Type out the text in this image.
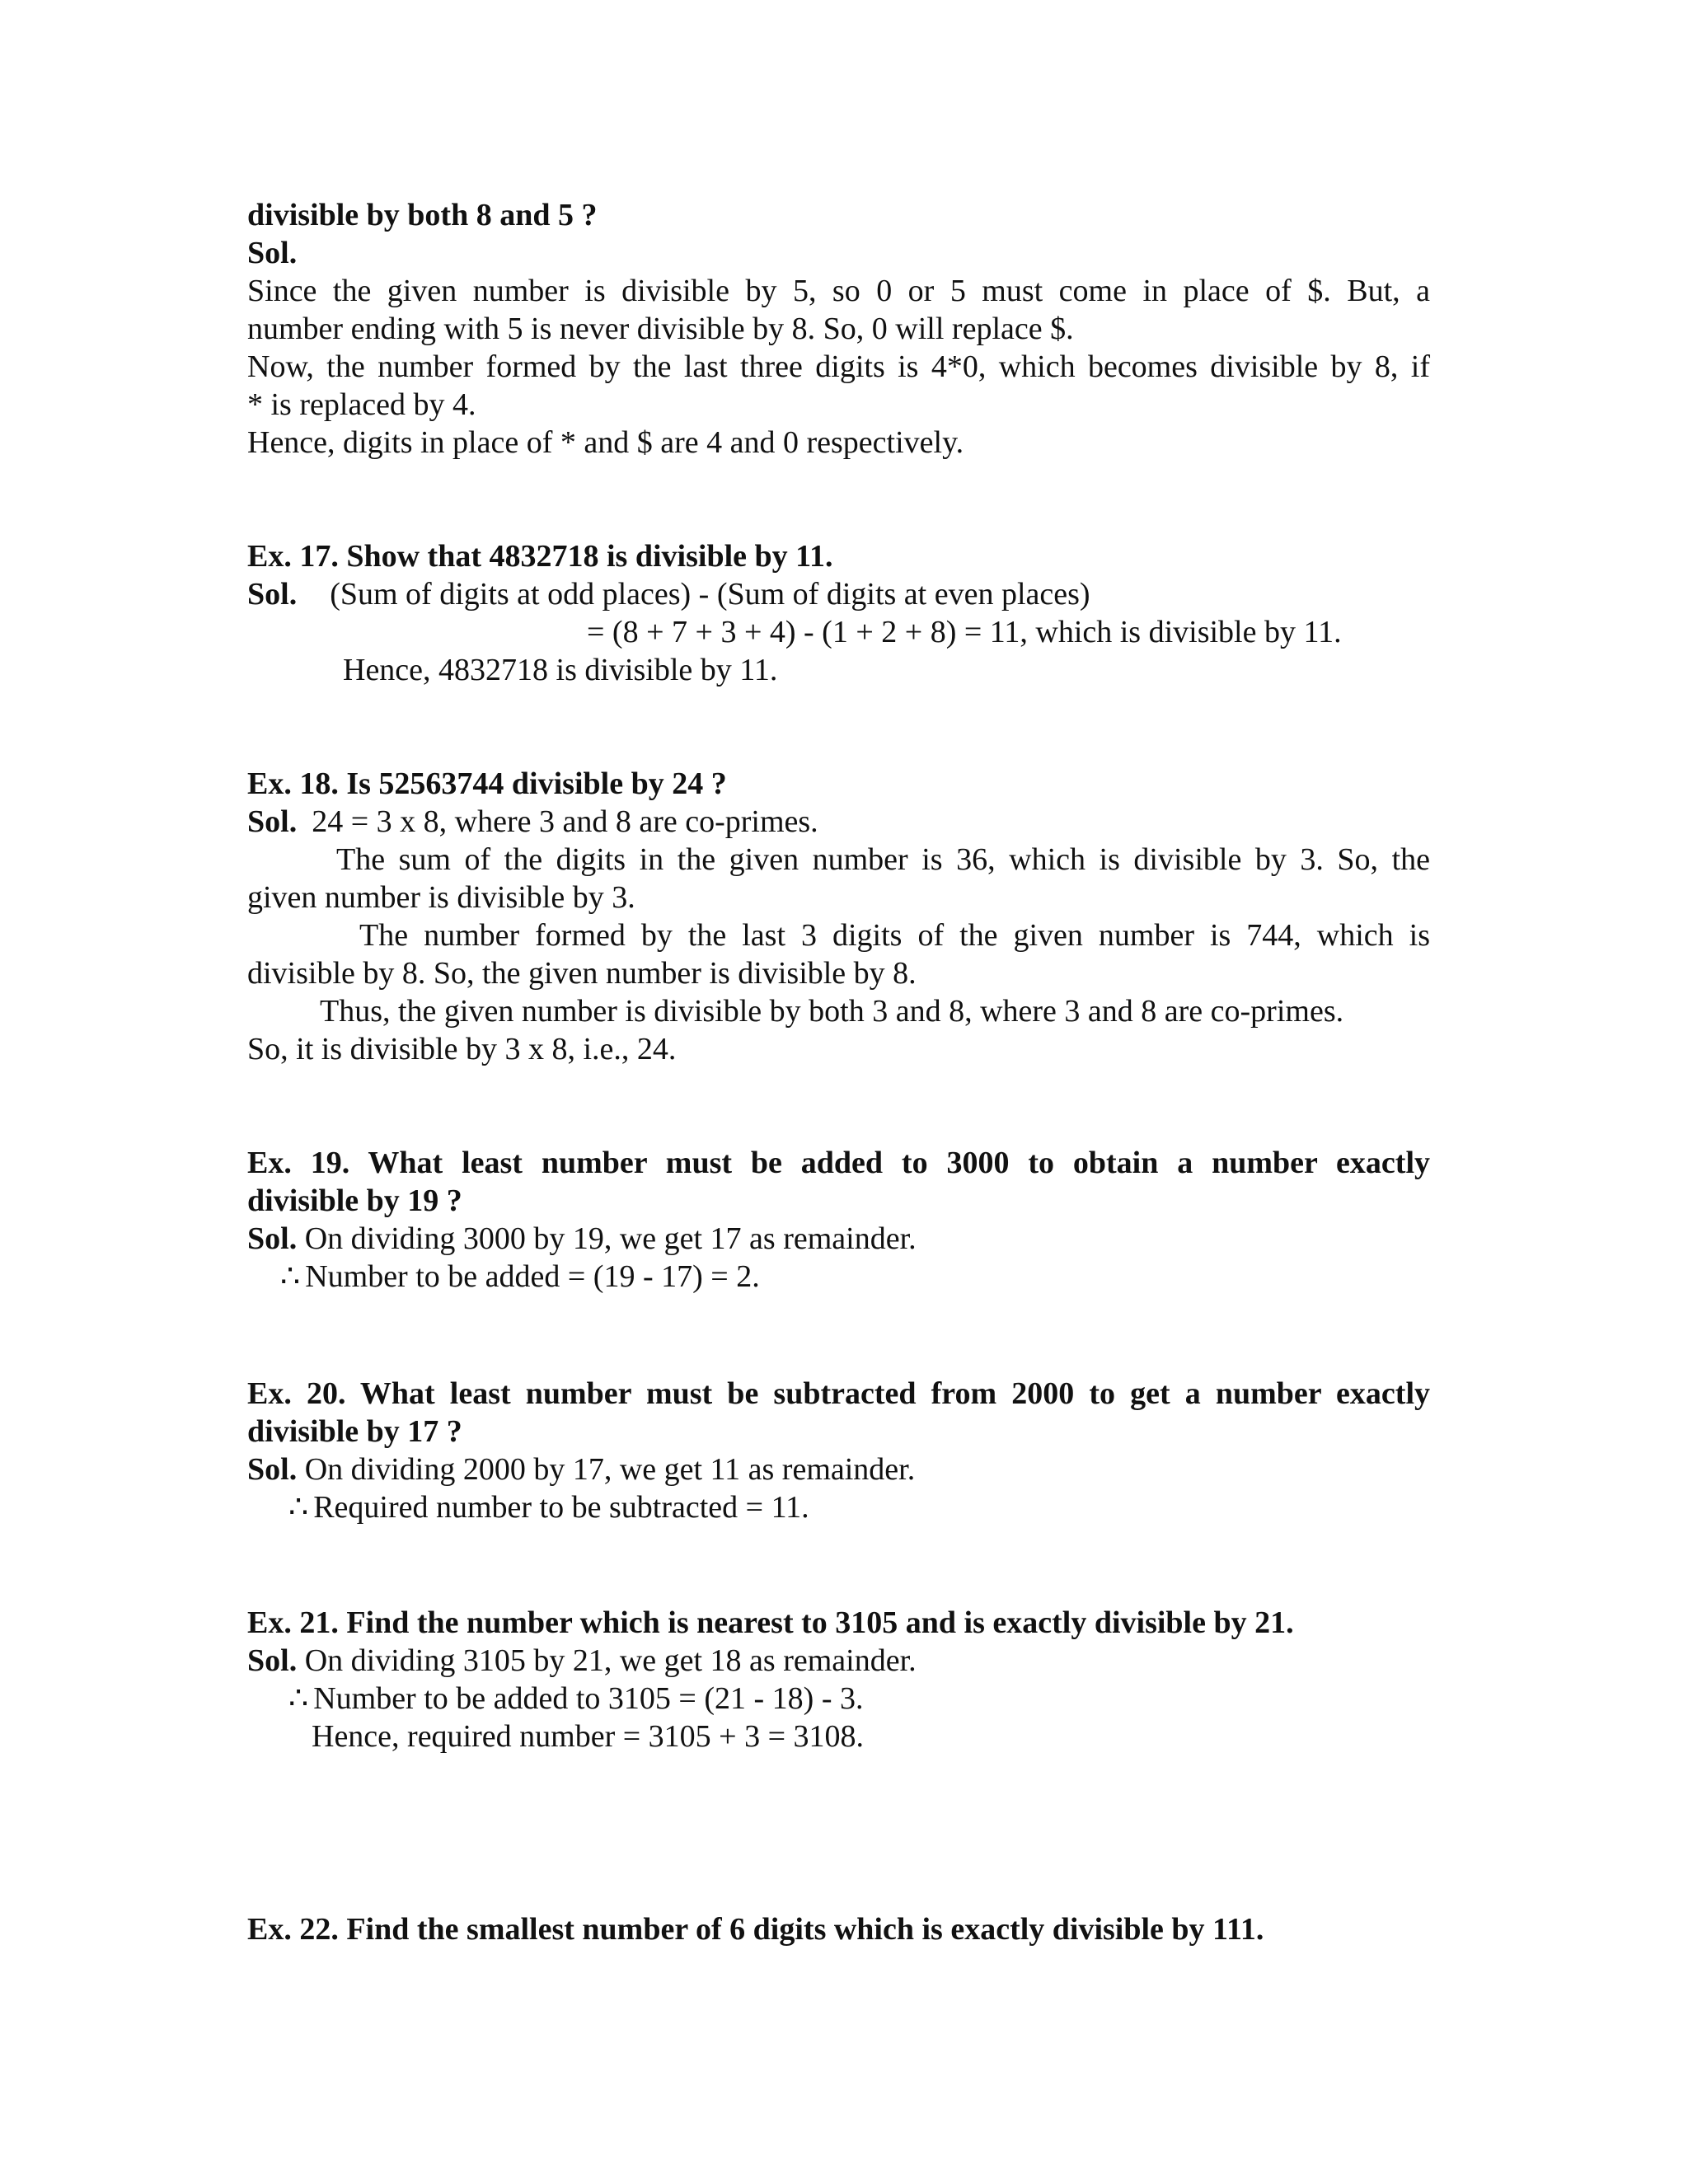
divisible by both 8 and 5 ?

Sol.

Since the given number is divisible by 5, so 0 or 5 must come in place of $. But, a

number ending with 5 is never divisible by 8. So, 0 will replace $.

Now, the number formed by the last three digits is 4*0, which becomes divisible by 8, if

* is replaced by 4.

Hence, digits in place of * and $ are 4 and 0 respectively.

Ex. 17. Show that 4832718 is divisible by 11.

Sol. (Sum of digits at odd places) - (Sum of digits at even places)

= (8 + 7 + 3 + 4) - (1 + 2 + 8) = 11, which is divisible by 11.

Hence, 4832718 is divisible by 11.

Ex. 18. Is 52563744 divisible by 24 ?

Sol. 24 = 3 x 8, where 3 and 8 are co-primes.

The sum of the digits in the given number is 36, which is divisible by 3. So, the

given number is divisible by 3.

The number formed by the last 3 digits of the given number is 744, which is

divisible by 8. So, the given number is divisible by 8.

Thus, the given number is divisible by both 3 and 8, where 3 and 8 are co-primes.

So, it is divisible by 3 x 8, i.e., 24.

Ex. 19. What least number must be added to 3000 to obtain a number exactly

divisible by 19 ?

Sol. On dividing 3000 by 19, we get 17 as remainder.

∴ Number to be added = (19 - 17) = 2.

Ex. 20. What least number must be subtracted from 2000 to get a number exactly

divisible by 17 ?

Sol. On dividing 2000 by 17, we get 11 as remainder.

∴ Required number to be subtracted = 11.

Ex. 21. Find the number which is nearest to 3105 and is exactly divisible by 21.

Sol. On dividing 3105 by 21, we get 18 as remainder.

∴ Number to be added to 3105 = (21 - 18) - 3.

Hence, required number = 3105 + 3 = 3108.

Ex. 22. Find the smallest number of 6 digits which is exactly divisible by 111.
